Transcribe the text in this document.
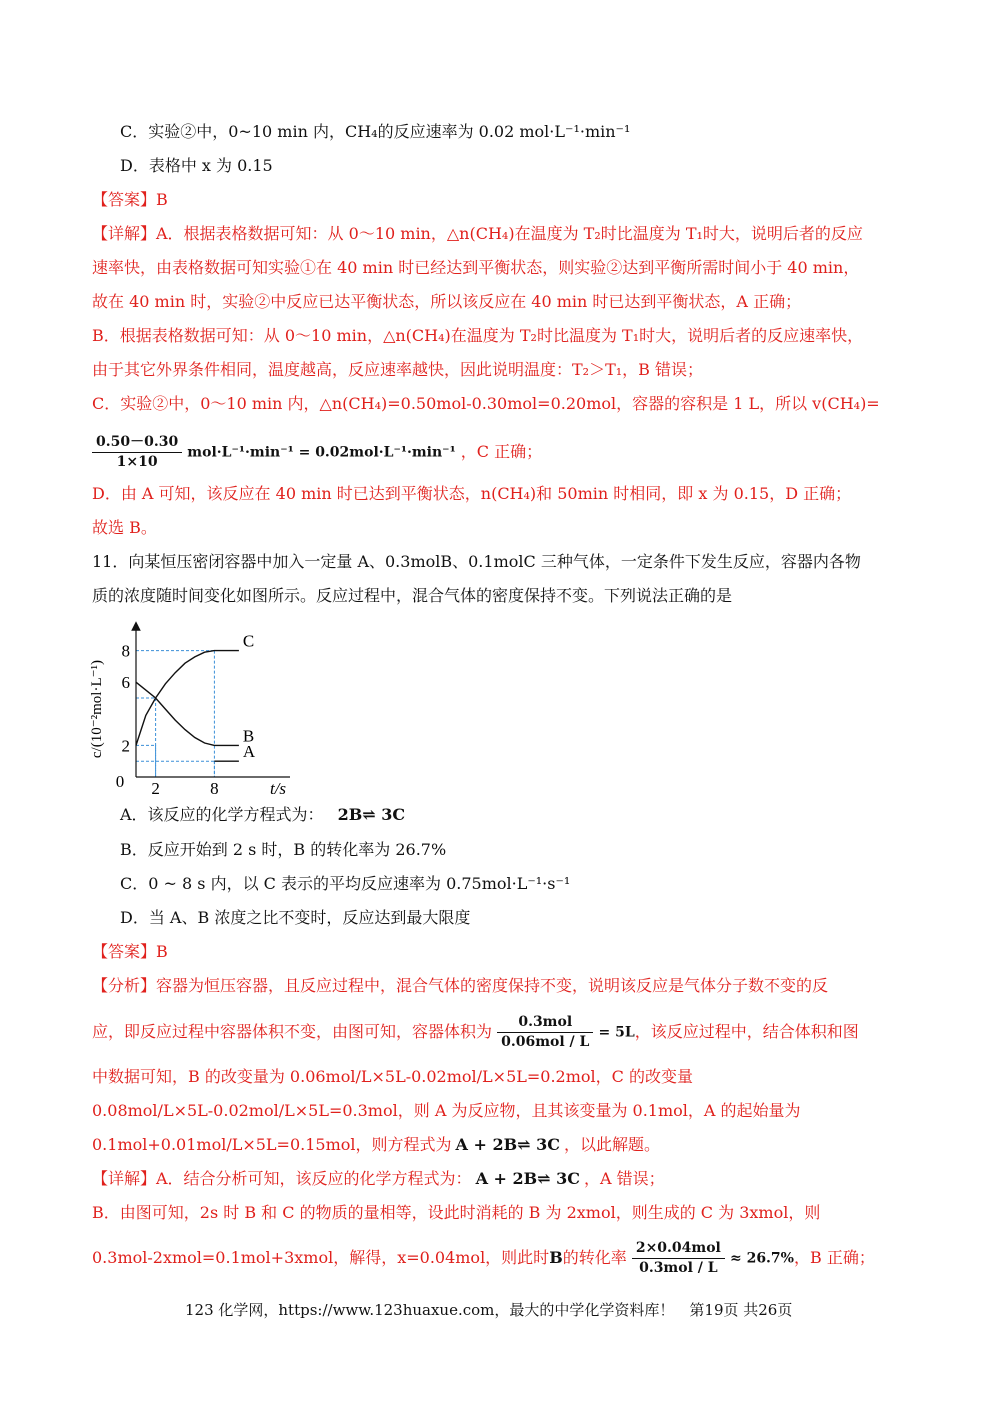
C．实验②中，0~10 min 内，CH₄的反应速率为 0.02 mol·L⁻¹·min⁻¹
D．表格中 x 为 0.15
【答案】B
【详解】A．根据表格数据可知：从 0～10 min，△n(CH₄)在温度为 T₂时比温度为 T₁时大，说明后者的反应
速率快，由表格数据可知实验①在 40 min 时已经达到平衡状态，则实验②达到平衡所需时间小于 40 min，
故在 40 min 时，实验②中反应已达平衡状态，所以该反应在 40 min 时已达到平衡状态，A 正确；
B．根据表格数据可知：从 0～10 min，△n(CH₄)在温度为 T₂时比温度为 T₁时大，说明后者的反应速率快，
由于其它外界条件相同，温度越高，反应速率越快，因此说明温度：T₂＞T₁，B 错误；
C．实验②中，0～10 min 内，△n(CH₄)=0.50mol-0.30mol=0.20mol，容器的容积是 1 L，所以 v(CH₄)=
$\frac{0.50-0.30}{1\times 10} mol\cdot L^{-1}\cdot\min^{-1} = 0.02mol\cdot L^{-1}\cdot\min^{-1}$ ，C 正确；
D．由 A 可知，该反应在 40 min 时已达到平衡状态，n(CH₄)和 50min 时相同，即 x 为 0.15，D 正确；
故选 B。
11．向某恒压密闭容器中加入一定量 A、0.3molB、0.1molC 三种气体，一定条件下发生反应，容器内各物
质的浓度随时间变化如图所示。反应过程中，混合气体的密度保持不变。下列说法正确的是
C
B
A
2
6
8
2	8
0	t/s
c/(10⁻²mol·L⁻¹)
A．该反应的化学方程式为： 2B⇌ 3C
B．反应开始到 2 s 时，B 的转化率为 26.7%
C．0 ~ 8 s 内，以 C 表示的平均反应速率为 0.75mol·L⁻¹·s⁻¹
D．当 A、B 浓度之比不变时，反应达到最大限度
【答案】B
【分析】容器为恒压容器，且反应过程中，混合气体的密度保持不变，说明该反应是气体分子数不变的反
应，即反应过程中容器体积不变，由图可知，容器体积为 $\frac{\text{0.3mol}}{\text{0.06mol / L}} = 5L$，该反应过程中，结合体积和图
中数据可知，B 的改变量为 0.06mol/L×5L-0.02mol/L×5L=0.2mol，C 的改变量
0.08mol/L×5L-0.02mol/L×5L=0.3mol，则 A 为反应物，且其该变量为 0.1mol，A 的起始量为
0.1mol+0.01mol/L×5L=0.15mol，则方程式为 A + 2B⇌ 3C ，以此解题。
【详解】A．结合分析可知，该反应的化学方程式为： A + 2B⇌ 3C ，A 错误；
B．由图可知，2s 时 B 和 C 的物质的量相等，设此时消耗的 B 为 2xmol，则生成的 C 为 3xmol，则
0.3mol-2xmol=0.1mol+3xmol，解得，x=0.04mol，则此时B的转化率 $\frac{\text{2×0.04mol}}{\text{0.3mol / L}} \approx 26.7\%$，B 正确；
123 化学网，https://www.123huaxue.com，最大的中学化学资料库！　第19页 共26页
